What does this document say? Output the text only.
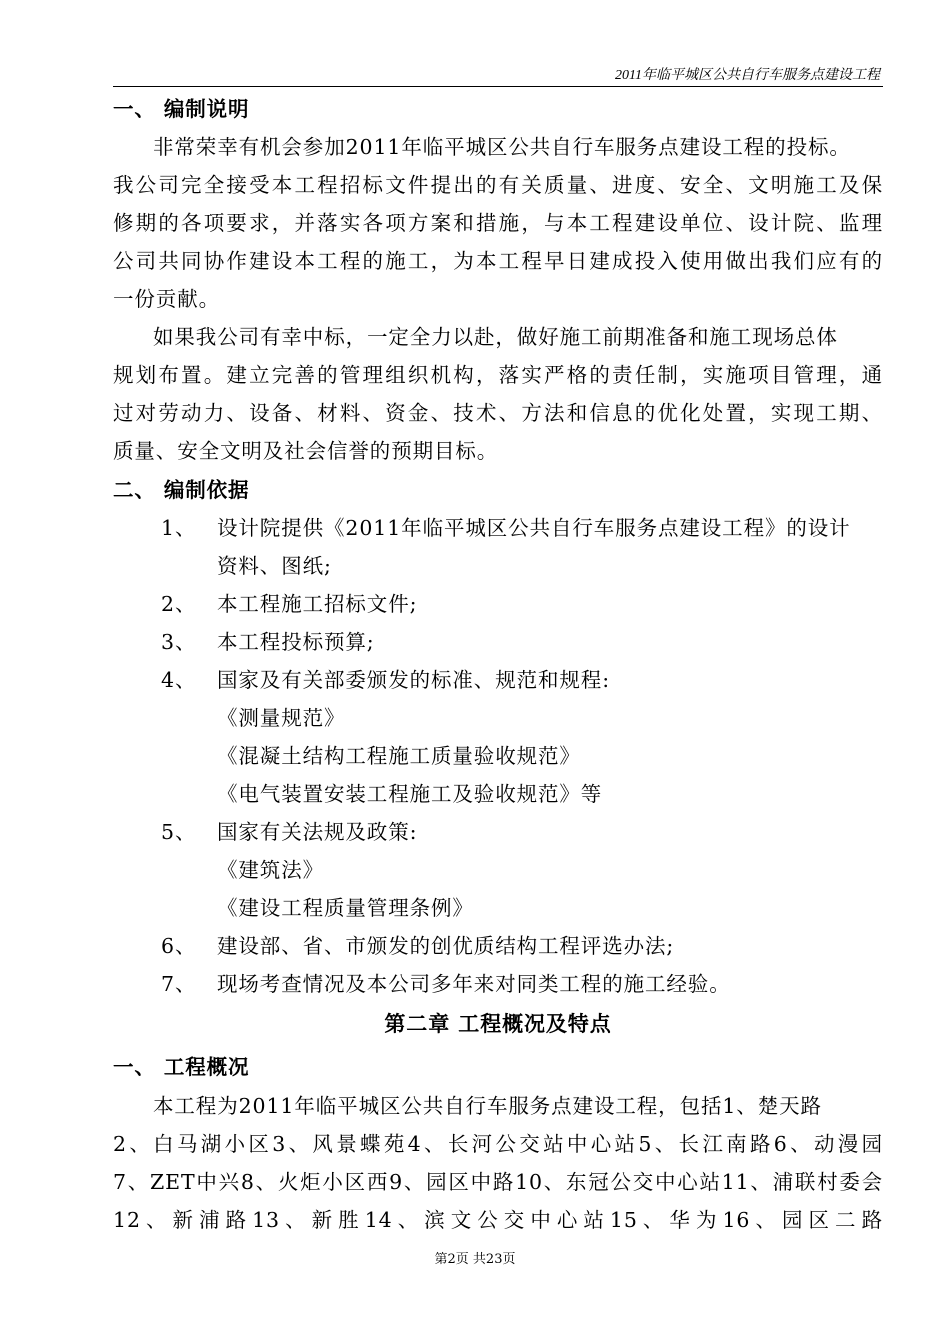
2011年临平城区公共自行车服务点建设工程
一、 编制说明
非常荣幸有机会参加2011年临平城区公共自行车服务点建设工程的投标。
我公司完全接受本工程招标文件提出的有关质量、进度、安全、文明施工及保
修期的各项要求，并落实各项方案和措施，与本工程建设单位、设计院、监理
公司共同协作建设本工程的施工，为本工程早日建成投入使用做出我们应有的
一份贡献。
如果我公司有幸中标，一定全力以赴，做好施工前期准备和施工现场总体
规划布置。建立完善的管理组织机构，落实严格的责任制，实施项目管理，通
过对劳动力、设备、材料、资金、技术、方法和信息的优化处置，实现工期、
质量、安全文明及社会信誉的预期目标。
二、 编制依据
1、 设计院提供《2011年临平城区公共自行车服务点建设工程》的设计
资料、图纸;
2、 本工程施工招标文件;
3、 本工程投标预算;
4、 国家及有关部委颁发的标准、规范和规程:
《测量规范》
《混凝土结构工程施工质量验收规范》
《电气装置安装工程施工及验收规范》等
5、 国家有关法规及政策:
《建筑法》
《建设工程质量管理条例》
6、 建设部、省、市颁发的创优质结构工程评选办法;
7、 现场考查情况及本公司多年来对同类工程的施工经验。
第二章 工程概况及特点
一、 工程概况
本工程为2011年临平城区公共自行车服务点建设工程，包括1、楚天路
2、白马湖小区3、风景蝶苑4、长河公交站中心站5、长江南路6、动漫园
7、ZET中兴8、火炬小区西9、园区中路10、东冠公交中心站11、浦联村委会
12、新浦路13、新胜14、滨文公交中心站15、华为16、园区二路
第2页 共23页
